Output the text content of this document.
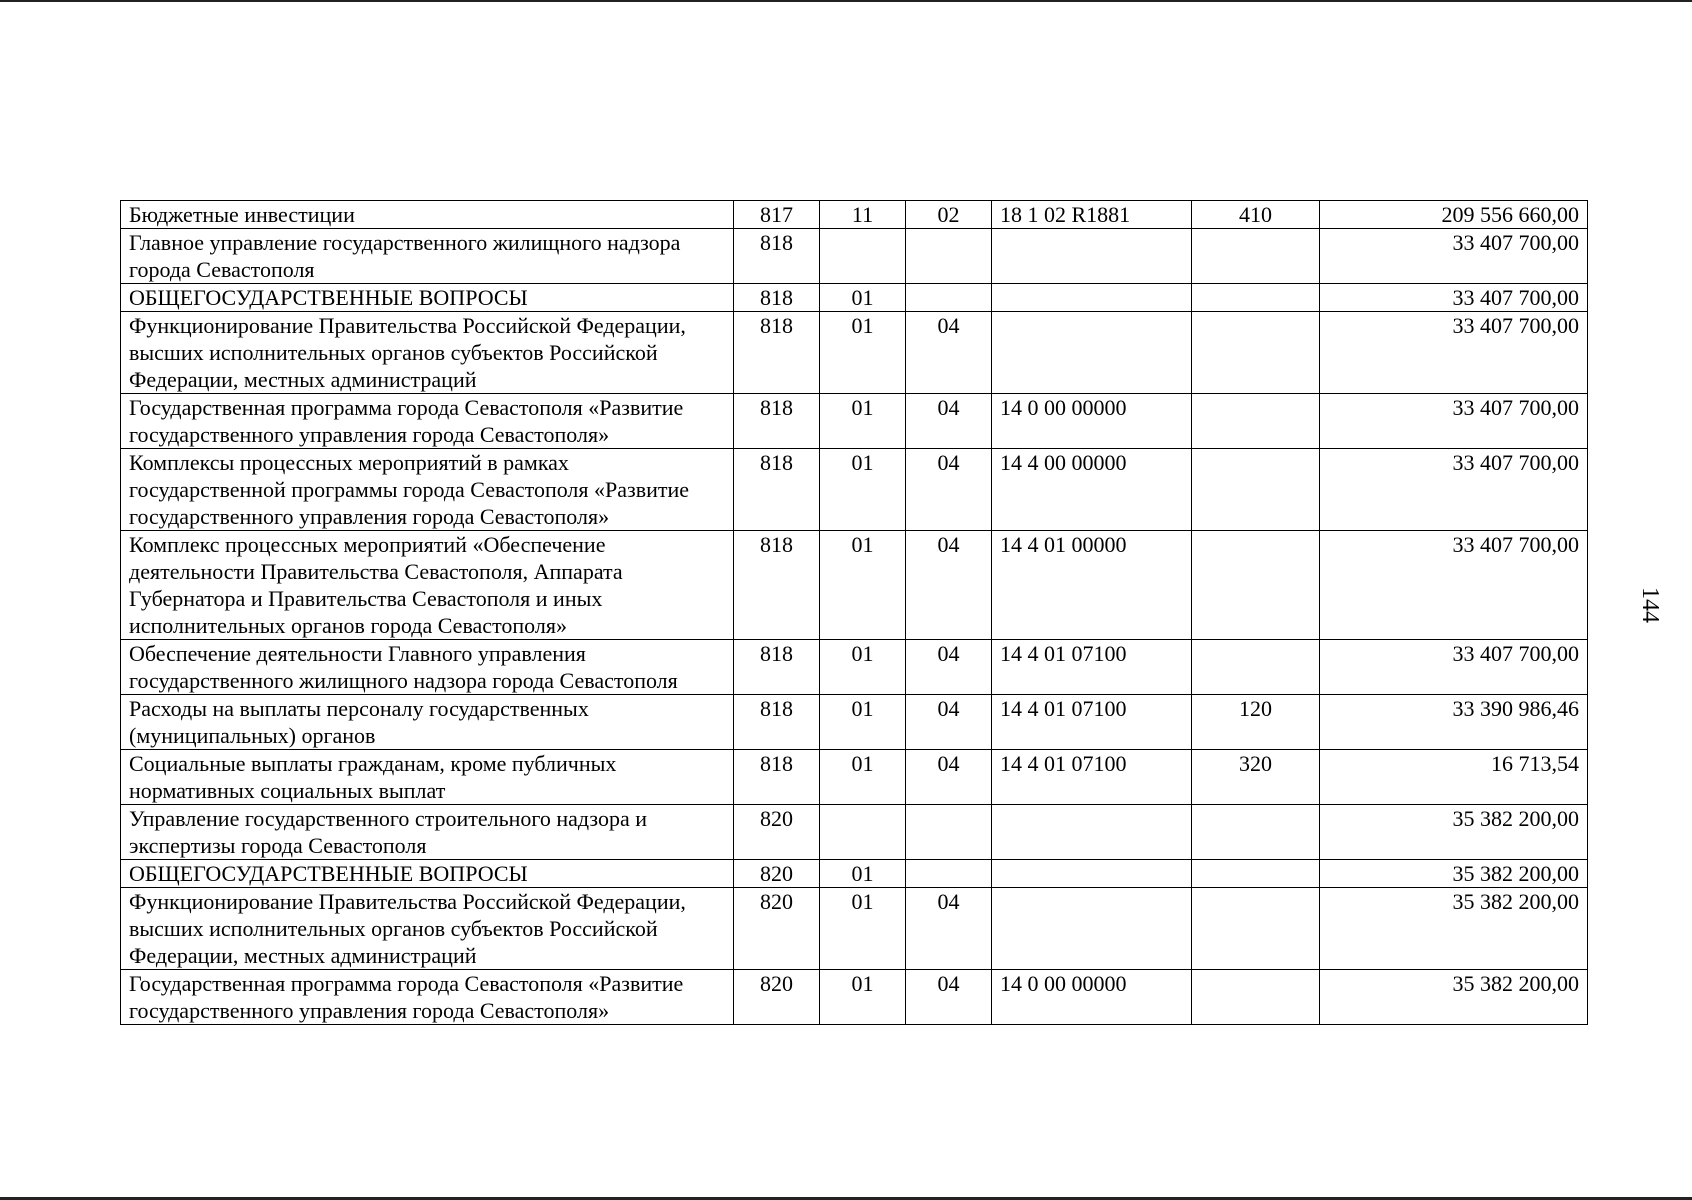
Бюджетные инвестиции	817	11	02	18 1 02 R1881	410	209 556 660,00
Главное управление государственного жилищного надзора города Севастополя	818					33 407 700,00
ОБЩЕГОСУДАРСТВЕННЫЕ ВОПРОСЫ	818	01				33 407 700,00
Функционирование Правительства Российской Федерации, высших исполнительных органов субъектов Российской Федерации, местных администраций	818	01	04			33 407 700,00
Государственная программа города Севастополя «Развитие государственного управления города Севастополя»	818	01	04	14 0 00 00000		33 407 700,00
Комплексы процессных мероприятий в рамках государственной программы города Севастополя «Развитие государственного управления города Севастополя»	818	01	04	14 4 00 00000		33 407 700,00
Комплекс процессных мероприятий «Обеспечение деятельности Правительства Севастополя, Аппарата Губернатора и Правительства Севастополя и иных исполнительных органов города Севастополя»	818	01	04	14 4 01 00000		33 407 700,00
Обеспечение деятельности Главного управления государственного жилищного надзора города Севастополя	818	01	04	14 4 01 07100		33 407 700,00
Расходы на выплаты персоналу государственных (муниципальных) органов	818	01	04	14 4 01 07100	120	33 390 986,46
Социальные выплаты гражданам, кроме публичных нормативных социальных выплат	818	01	04	14 4 01 07100	320	16 713,54
Управление государственного строительного надзора и экспертизы города Севастополя	820					35 382 200,00
ОБЩЕГОСУДАРСТВЕННЫЕ ВОПРОСЫ	820	01				35 382 200,00
Функционирование Правительства Российской Федерации, высших исполнительных органов субъектов Российской Федерации, местных администраций	820	01	04			35 382 200,00
Государственная программа города Севастополя «Развитие государственного управления города Севастополя»	820	01	04	14 0 00 00000		35 382 200,00
144
